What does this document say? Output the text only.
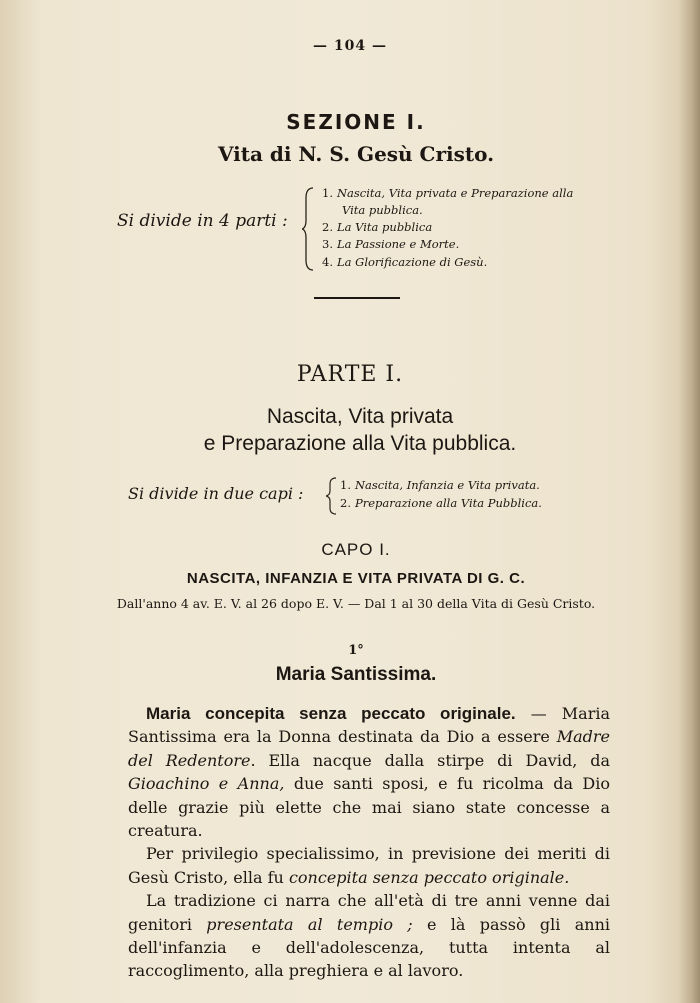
— 104 —
SEZIONE I.
Vita di N. S. Gesù Cristo.
Si divide in 4 parti :
1. Nascita, Vita privata e Preparazione alla
Vita pubblica.
2. La Vita pubblica
3. La Passione e Morte.
4. La Glorificazione di Gesù.
PARTE I.
Nascita, Vita privata
e Preparazione alla Vita pubblica.
Si divide in due capi :	1. Nascita, Infanzia e Vita privata.
2. Preparazione alla Vita Pubblica.
CAPO I.
NASCITA, INFANZIA E VITA PRIVATA DI G. C.
Dall'anno 4 av. E. V. al 26 dopo E. V. — Dal 1 al 30 della Vita di Gesù Cristo.
1°
Maria Santissima.

Maria concepita senza peccato originale. — Maria Santissima era la Donna destinata da Dio a essere Madre del Redentore. Ella nacque dalla stirpe di David, da Gioachino e Anna, due santi sposi, e fu ricolma da Dio delle grazie più elette che mai siano state concesse a creatura.

Per privilegio specialissimo, in previsione dei meriti di Gesù Cristo, ella fu concepita senza peccato originale.

La tradizione ci narra che all'età di tre anni venne dai genitori presentata al tempio ; e là passò gli anni dell'infanzia e dell'adolescenza, tutta intenta al raccoglimento, alla preghiera e al lavoro.
